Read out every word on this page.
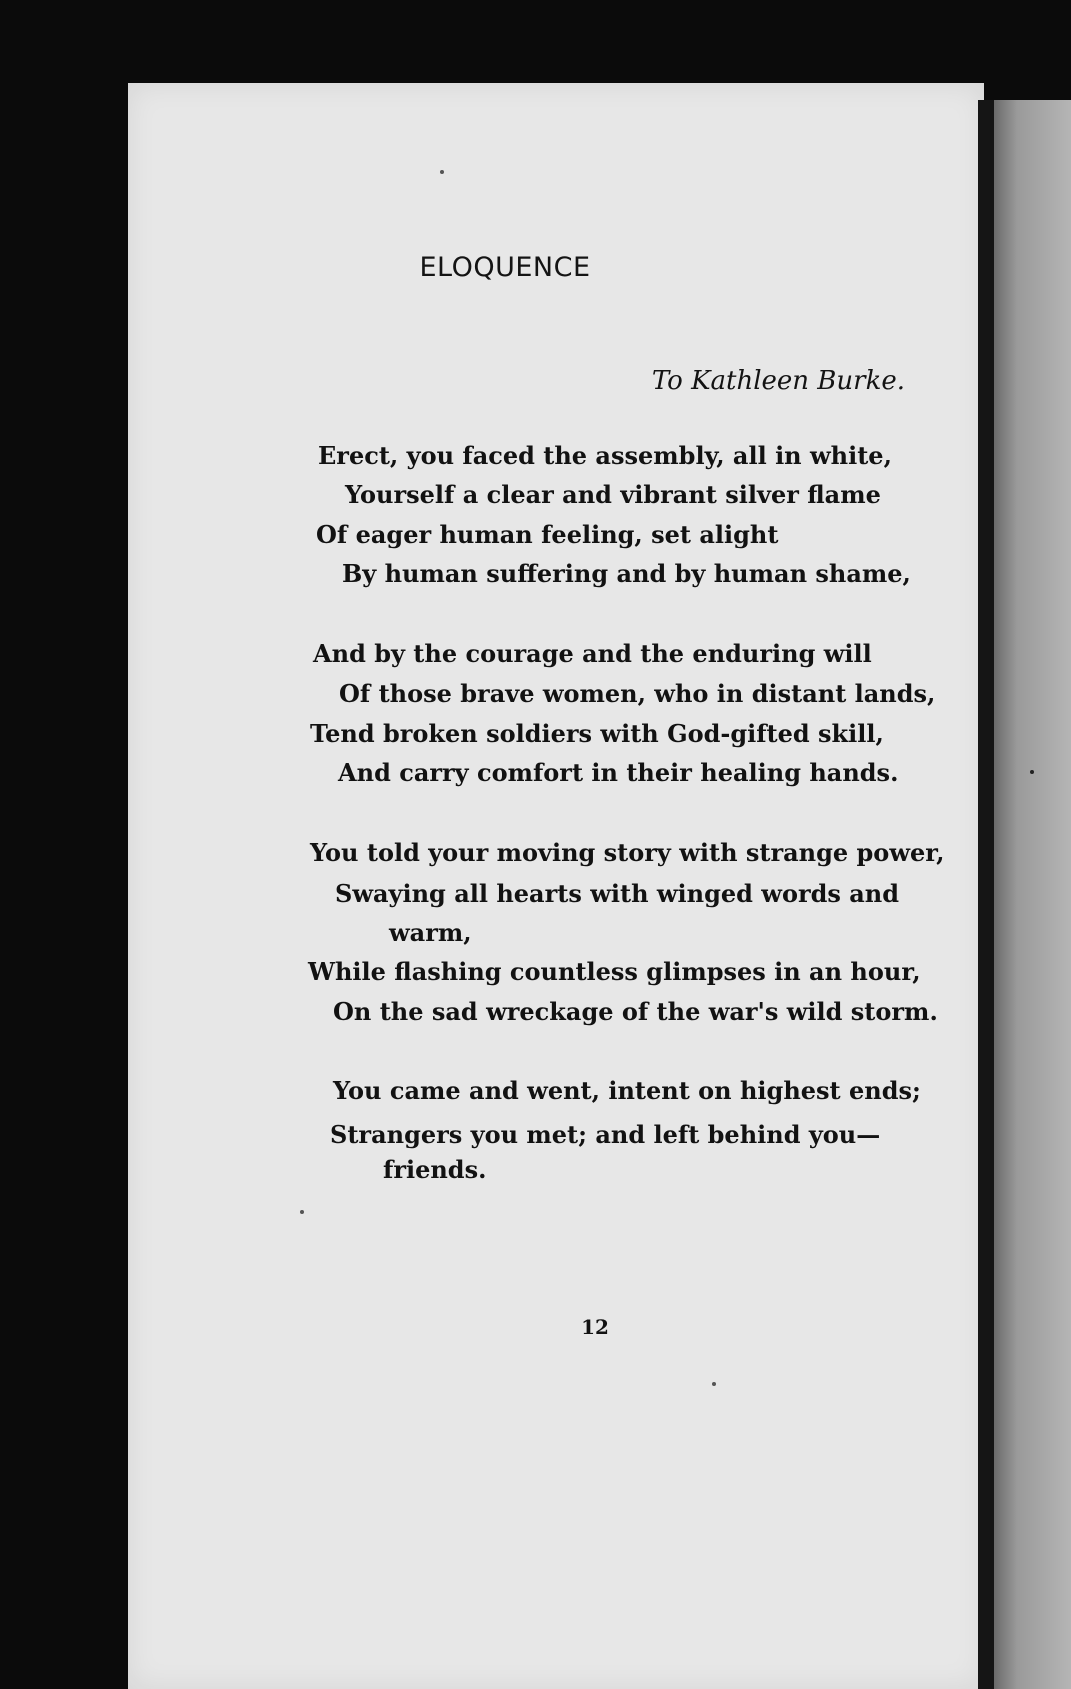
ELOQUENCE
To Kathleen Burke.
Erect, you faced the assembly, all in white,
Yourself a clear and vibrant silver flame
Of eager human feeling, set alight
By human suffering and by human shame,
And by the courage and the enduring will
Of those brave women, who in distant lands,
Tend broken soldiers with God-gifted skill,
And carry comfort in their healing hands.
You told your moving story with strange power,
Swaying all hearts with winged words and
warm,
While flashing countless glimpses in an hour,
On the sad wreckage of the war's wild storm.
You came and went, intent on highest ends;
Strangers you met; and left behind you—
friends.
12
